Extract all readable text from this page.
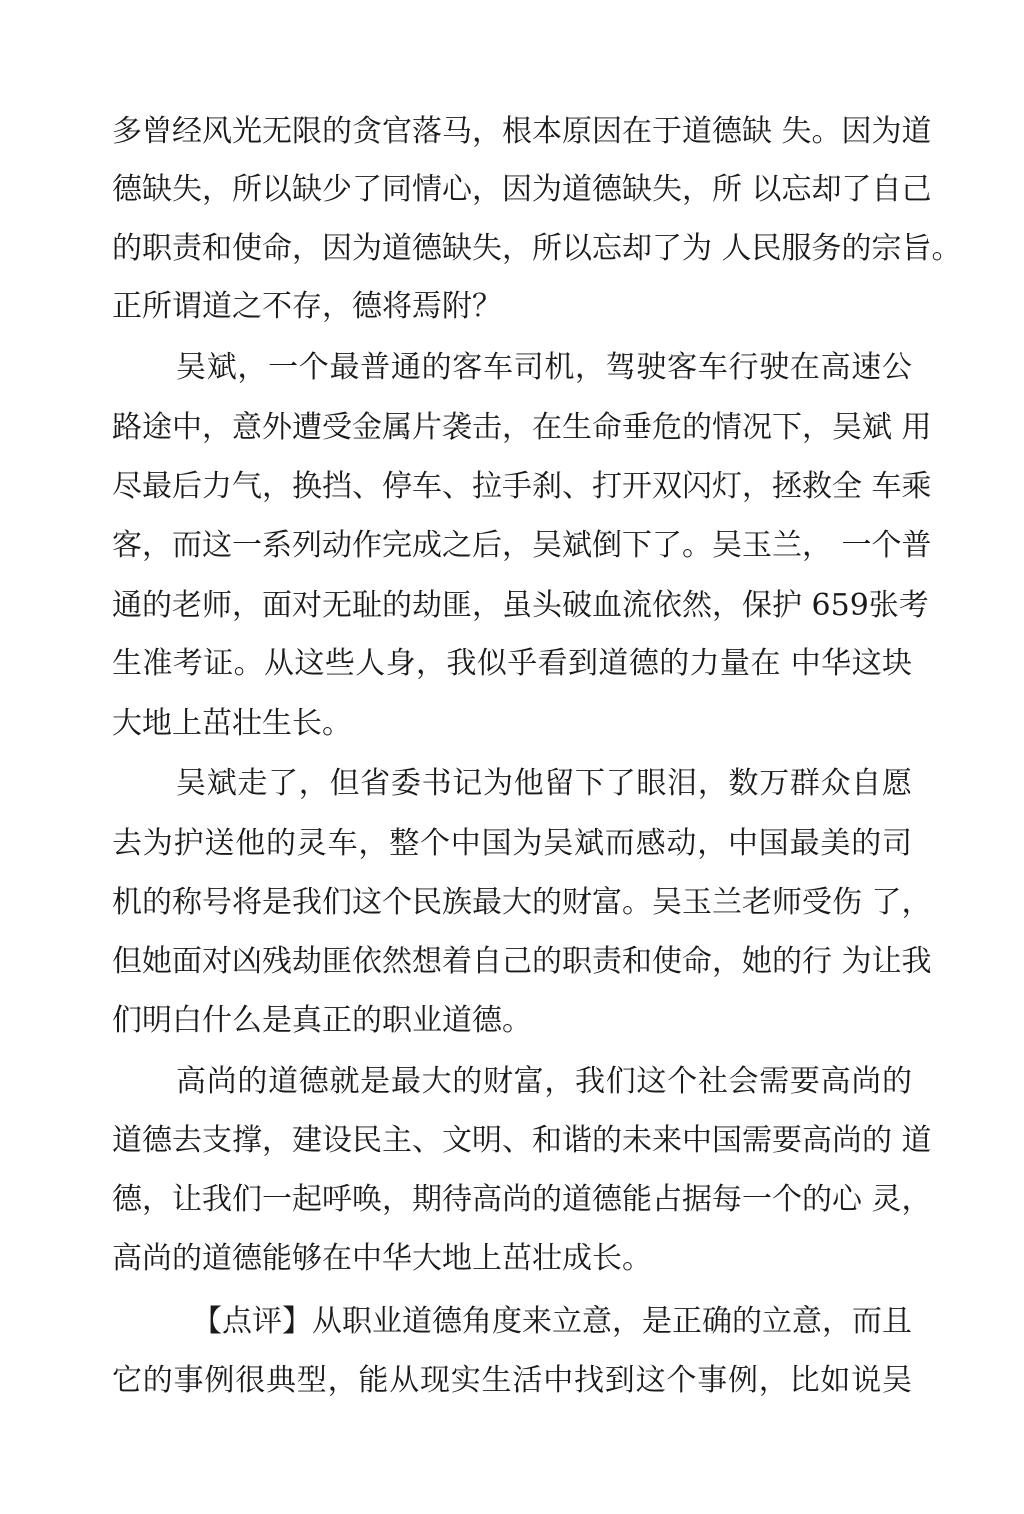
多曾经风光无限的贪官落马，根本原因在于道德缺 失。因为道
德缺失，所以缺少了同情心，因为道德缺失，所 以忘却了自己
的职责和使命，因为道德缺失，所以忘却了为 人民服务的宗旨。
正所谓道之不存，德将焉附？
吴斌，一个最普通的客车司机，驾驶客车行驶在高速公
路途中，意外遭受金属片袭击，在生命垂危的情况下，吴斌 用
尽最后力气，换挡、停车、拉手刹、打开双闪灯，拯救全 车乘
客，而这一系列动作完成之后，吴斌倒下了。吴玉兰， 一个普
通的老师，面对无耻的劫匪，虽头破血流依然，保护 659张考
生准考证。从这些人身，我似乎看到道德的力量在 中华这块
大地上茁壮生长。
吴斌走了，但省委书记为他留下了眼泪，数万群众自愿
去为护送他的灵车，整个中国为吴斌而感动，中国最美的司
机的称号将是我们这个民族最大的财富。吴玉兰老师受伤 了，
但她面对凶残劫匪依然想着自己的职责和使命，她的行 为让我
们明白什么是真正的职业道德。
高尚的道德就是最大的财富，我们这个社会需要高尚的
道德去支撑，建设民主、文明、和谐的未来中国需要高尚的 道
德，让我们一起呼唤，期待高尚的道德能占据每一个的心 灵，
高尚的道德能够在中华大地上茁壮成长。
【点评】从职业道德角度来立意，是正确的立意，而且
它的事例很典型，能从现实生活中找到这个事例，比如说吴
